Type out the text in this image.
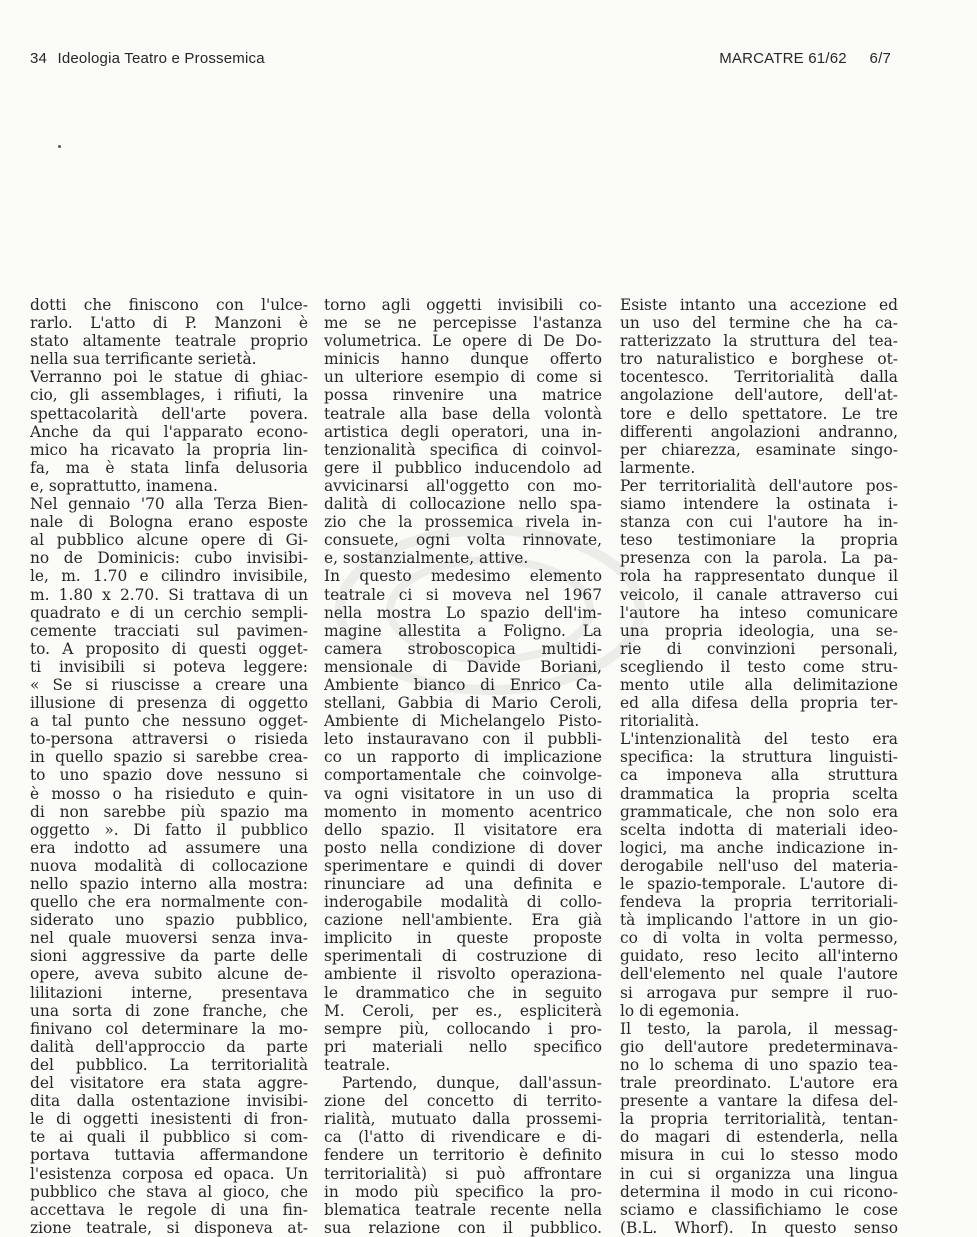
34 Ideologia Teatro e Prossemica	MARCATRE 61/62 6/7
dotti che finiscono con l'ulce-
rarlo. L'atto di P. Manzoni è
stato altamente teatrale proprio
nella sua terrificante serietà.
Verranno poi le statue di ghiac-
cio, gli assemblages, i rifiuti, la
spettacolarità dell'arte povera.
Anche da qui l'apparato econo-
mico ha ricavato la propria lin-
fa, ma è stata linfa delusoria
e, soprattutto, inamena.
Nel gennaio '70 alla Terza Bien-
nale di Bologna erano esposte
al pubblico alcune opere di Gi-
no de Dominicis: cubo invisibi-
le, m. 1.70 e cilindro invisibile,
m. 1.80 x 2.70. Si trattava di un
quadrato e di un cerchio sempli-
cemente tracciati sul pavimen-
to. A proposito di questi ogget-
ti invisibili si poteva leggere:
« Se si riuscisse a creare una
illusione di presenza di oggetto
a tal punto che nessuno ogget-
to-persona attraversi o risieda
in quello spazio si sarebbe crea-
to uno spazio dove nessuno si
è mosso o ha risieduto e quin-
di non sarebbe più spazio ma
oggetto ». Di fatto il pubblico
era indotto ad assumere una
nuova modalità di collocazione
nello spazio interno alla mostra:
quello che era normalmente con-
siderato uno spazio pubblico,
nel quale muoversi senza inva-
sioni aggressive da parte delle
opere, aveva subito alcune de-
lilitazioni interne, presentava
una sorta di zone franche, che
finivano col determinare la mo-
dalità dell'approccio da parte
del pubblico. La territorialità
del visitatore era stata aggre-
dita dalla ostentazione invisibi-
le di oggetti inesistenti di fron-
te ai quali il pubblico si com-
portava tuttavia affermandone
l'esistenza corposa ed opaca. Un
pubblico che stava al gioco, che
accettava le regole di una fin-
zione teatrale, si disponeva at-
torno agli oggetti invisibili co-
me se ne percepisse l'astanza
volumetrica. Le opere di De Do-
minicis hanno dunque offerto
un ulteriore esempio di come si
possa rinvenire una matrice
teatrale alla base della volontà
artistica degli operatori, una in-
tenzionalità specifica di coinvol-
gere il pubblico inducendolo ad
avvicinarsi all'oggetto con mo-
dalità di collocazione nello spa-
zio che la prossemica rivela in-
consuete, ogni volta rinnovate,
e, sostanzialmente, attive.
In questo medesimo elemento
teatrale ci si moveva nel 1967
nella mostra Lo spazio dell'im-
magine allestita a Foligno. La
camera stroboscopica multidi-
mensionale di Davide Boriani,
Ambiente bianco di Enrico Ca-
stellani, Gabbia di Mario Ceroli,
Ambiente di Michelangelo Pisto-
leto instauravano con il pubbli-
co un rapporto di implicazione
comportamentale che coinvolge-
va ogni visitatore in un uso di
momento in momento acentrico
dello spazio. Il visitatore era
posto nella condizione di dover
sperimentare e quindi di dover
rinunciare ad una definita e
inderogabile modalità di collo-
cazione nell'ambiente. Era già
implicito in queste proposte
sperimentali di costruzione di
ambiente il risvolto operaziona-
le drammatico che in seguito
M. Ceroli, per es., espliciterà
sempre più, collocando i pro-
pri materiali nello specifico
teatrale.
Partendo, dunque, dall'assun-
zione del concetto di territo-
rialità, mutuato dalla prossemi-
ca (l'atto di rivendicare e di-
fendere un territorio è definito
territorialità) si può affrontare
in modo più specifico la pro-
blematica teatrale recente nella
sua relazione con il pubblico.
Esiste intanto una accezione ed
un uso del termine che ha ca-
ratterizzato la struttura del tea-
tro naturalistico e borghese ot-
tocentesco. Territorialità dalla
angolazione dell'autore, dell'at-
tore e dello spettatore. Le tre
differenti angolazioni andranno,
per chiarezza, esaminate singo-
larmente.
Per territorialità dell'autore pos-
siamo intendere la ostinata i-
stanza con cui l'autore ha in-
teso testimoniare la propria
presenza con la parola. La pa-
rola ha rappresentato dunque il
veicolo, il canale attraverso cui
l'autore ha inteso comunicare
una propria ideologia, una se-
rie di convinzioni personali,
scegliendo il testo come stru-
mento utile alla delimitazione
ed alla difesa della propria ter-
ritorialità.
L'intenzionalità del testo era
specifica: la struttura linguisti-
ca imponeva alla struttura
drammatica la propria scelta
grammaticale, che non solo era
scelta indotta di materiali ideo-
logici, ma anche indicazione in-
derogabile nell'uso del materia-
le spazio-temporale. L'autore di-
fendeva la propria territoriali-
tà implicando l'attore in un gio-
co di volta in volta permesso,
guidato, reso lecito all'interno
dell'elemento nel quale l'autore
si arrogava pur sempre il ruo-
lo di egemonia.
Il testo, la parola, il messag-
gio dell'autore predeterminava-
no lo schema di uno spazio tea-
trale preordinato. L'autore era
presente a vantare la difesa del-
la propria territorialità, tentan-
do magari di estenderla, nella
misura in cui lo stesso modo
in cui si organizza una lingua
determina il modo in cui ricono-
sciamo e classifichiamo le cose
(B.L. Whorf). In questo senso
